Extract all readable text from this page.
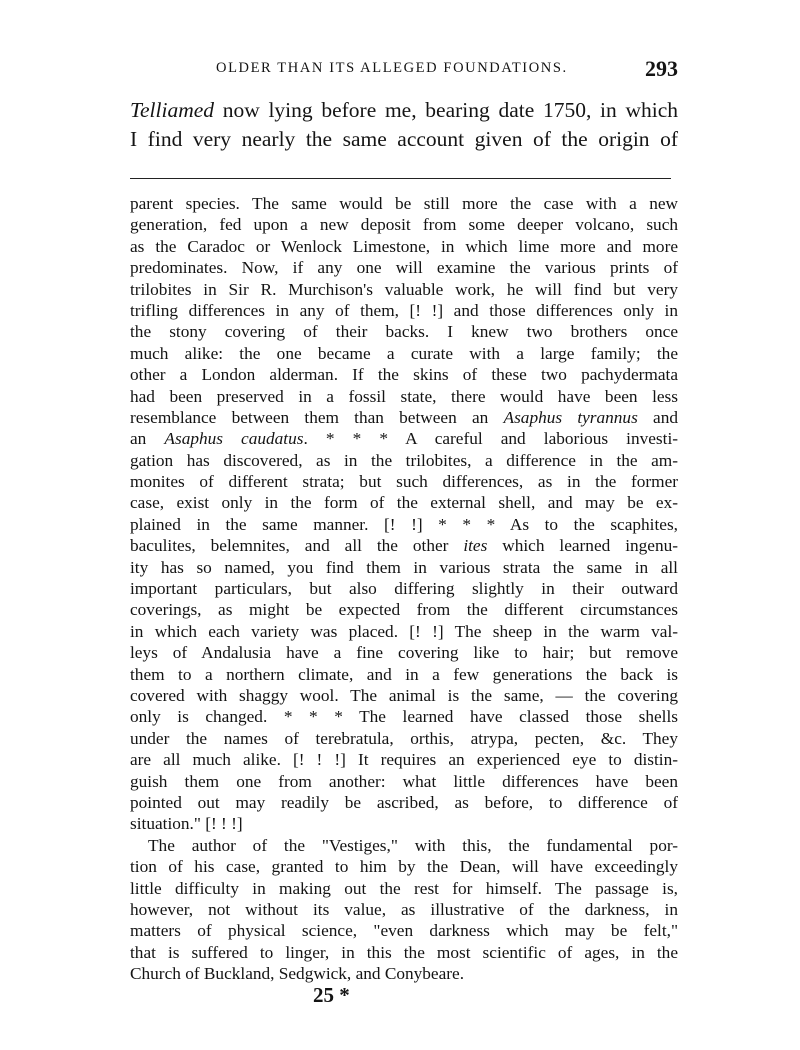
OLDER THAN ITS ALLEGED FOUNDATIONS.	293
Telliamed now lying before me, bearing date 1750, in which
I find very nearly the same account given of the origin of
parent species. The same would be still more the case with a new
generation, fed upon a new deposit from some deeper volcano, such
as the Caradoc or Wenlock Limestone, in which lime more and more
predominates. Now, if any one will examine the various prints of
trilobites in Sir R. Murchison's valuable work, he will find but very
trifling differences in any of them, [! !] and those differences only in
the stony covering of their backs. I knew two brothers once
much alike: the one became a curate with a large family; the
other a London alderman. If the skins of these two pachydermata
had been preserved in a fossil state, there would have been less
resemblance between them than between an Asaphus tyrannus and
an Asaphus caudatus. * * * A careful and laborious investi-
gation has discovered, as in the trilobites, a difference in the am-
monites of different strata; but such differences, as in the former
case, exist only in the form of the external shell, and may be ex-
plained in the same manner. [! !] * * * As to the scaphites,
baculites, belemnites, and all the other ites which learned ingenu-
ity has so named, you find them in various strata the same in all
important particulars, but also differing slightly in their outward
coverings, as might be expected from the different circumstances
in which each variety was placed. [! !] The sheep in the warm val-
leys of Andalusia have a fine covering like to hair; but remove
them to a northern climate, and in a few generations the back is
covered with shaggy wool. The animal is the same, — the covering
only is changed. * * * The learned have classed those shells
under the names of terebratula, orthis, atrypa, pecten, &c. They
are all much alike. [! ! !] It requires an experienced eye to distin-
guish them one from another: what little differences have been
pointed out may readily be ascribed, as before, to difference of
situation." [! ! !]
The author of the "Vestiges," with this, the fundamental por-
tion of his case, granted to him by the Dean, will have exceedingly
little difficulty in making out the rest for himself. The passage is,
however, not without its value, as illustrative of the darkness, in
matters of physical science, "even darkness which may be felt,"
that is suffered to linger, in this the most scientific of ages, in the
Church of Buckland, Sedgwick, and Conybeare.
25 *
